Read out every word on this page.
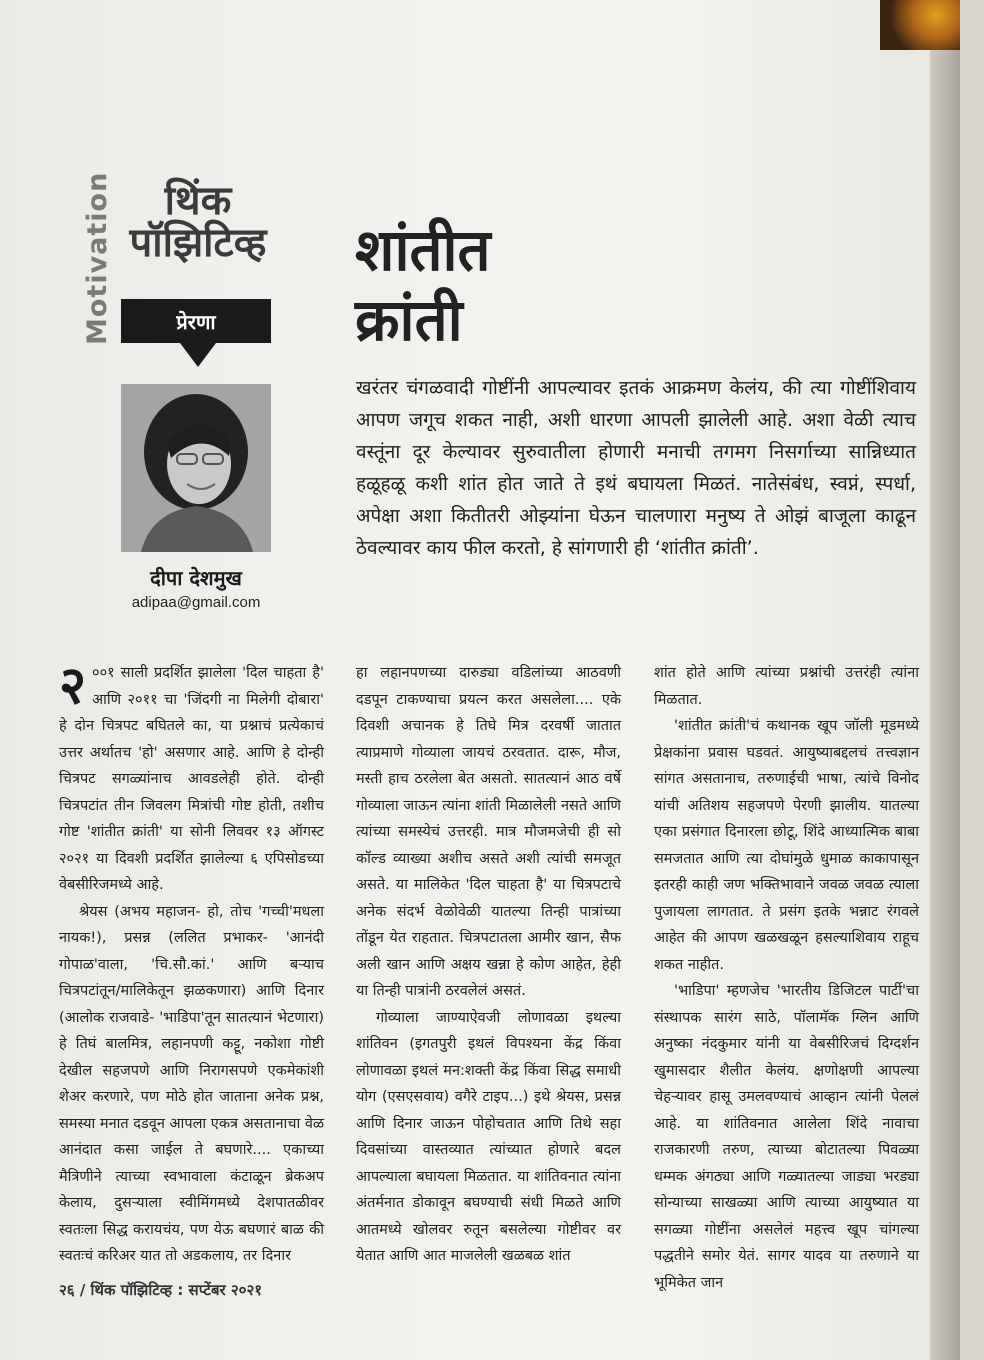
Motivation	थिंक पॉझिटिव्ह
प्रेरणा
दीपा देशमुख
adipaa@gmail.com
शांतीत
क्रांती
खरंतर चंगळवादी गोष्टींनी आपल्यावर इतकं आक्रमण केलंय, की त्या गोष्टींशिवाय आपण जगूच शकत नाही, अशी धारणा आपली झालेली आहे. अशा वेळी त्याच वस्तूंना दूर केल्यावर सुरुवातीला होणारी मनाची तगमग निसर्गाच्या सान्निध्यात हळूहळू कशी शांत होत जाते ते इथं बघायला मिळतं. नातेसंबंध, स्वप्नं, स्पर्धा, अपेक्षा अशा कितीतरी ओझ्यांना घेऊन चालणारा मनुष्य ते ओझं बाजूला काढून ठेवल्यावर काय फील करतो, हे सांगणारी ही ‘शांतीत क्रांती’.

२ ००१ साली प्रदर्शित झालेला 'दिल चाहता है' आणि २०११ चा 'जिंदगी ना मिलेगी दोबारा' हे दोन चित्रपट बघितले का, या प्रश्नाचं प्रत्येकाचं उत्तर अर्थातच 'हो' असणार आहे. आणि हे दोन्ही चित्रपट सगळ्यांनाच आवडलेही होते. दोन्ही चित्रपटांत तीन जिवलग मित्रांची गोष्ट होती, तशीच गोष्ट 'शांतीत क्रांती' या सोनी लिववर १३ ऑगस्ट २०२१ या दिवशी प्रदर्शित झालेल्या ६ एपिसोडच्या वेबसीरिजमध्ये आहे.

श्रेयस (अभय महाजन- हो, तोच 'गच्ची'मधला नायक!), प्रसन्न (ललित प्रभाकर- 'आनंदी गोपाळ'वाला, 'चि.सौ.कां.' आणि बऱ्याच चित्रपटांतून/मालिकेतून झळकणारा) आणि दिनार (आलोक राजवाडे- 'भाडिपा'तून सातत्यानं भेटणारा) हे तिघं बालमित्र, लहानपणी कट्टू, नकोशा गोष्टी देखील सहजपणे आणि निरागसपणे एकमेकांशी शेअर करणारे, पण मोठे होत जाताना अनेक प्रश्न, समस्या मनात दडवून आपला एकत्र असतानाचा वेळ आनंदात कसा जाईल ते बघणारे.... एकाच्या मैत्रिणीने त्याच्या स्वभावाला कंटाळून ब्रेकअप केलाय, दुसऱ्याला स्वीमिंगमध्ये देशपातळीवर स्वतःला सिद्ध करायचंय, पण येऊ बघणारं बाळ की स्वतःचं करिअर यात तो अडकलाय, तर दिनार

हा लहानपणच्या दारुड्या वडिलांच्या आठवणी दडपून टाकण्याचा प्रयत्न करत असलेला.... एके दिवशी अचानक हे तिघे मित्र दरवर्षी जातात त्याप्रमाणे गोव्याला जायचं ठरवतात. दारू, मौज, मस्ती हाच ठरलेला बेत असतो. सातत्यानं आठ वर्षे गोव्याला जाऊन त्यांना शांती मिळालेली नसते आणि त्यांच्या समस्येचं उत्तरही. मात्र मौजमजेची ही सो कॉल्ड व्याख्या अशीच असते अशी त्यांची समजूत असते. या मालिकेत 'दिल चाहता है' या चित्रपटाचे अनेक संदर्भ वेळोवेळी यातल्या तिन्ही पात्रांच्या तोंडून येत राहतात. चित्रपटातला आमीर खान, सैफ अली खान आणि अक्षय खन्ना हे कोण आहेत, हेही या तिन्ही पात्रांनी ठरवलेलं असतं.

गोव्याला जाण्याऐवजी लोणावळा इथल्या शांतिवन (इगतपुरी इथलं विपश्यना केंद्र किंवा लोणावळा इथलं मन:शक्ती केंद्र किंवा सिद्ध समाधी योग (एसएसवाय) वगैरे टाइप...) इथे श्रेयस, प्रसन्न आणि दिनार जाऊन पोहोचतात आणि तिथे सहा दिवसांच्या वास्तव्यात त्यांच्यात होणारे बदल आपल्याला बघायला मिळतात. या शांतिवनात त्यांना अंतर्मनात डोकावून बघण्याची संधी मिळते आणि आतमध्ये खोलवर रुतून बसलेल्या गोष्टीवर वर येतात आणि आत माजलेली खळबळ शांत

शांत होते आणि त्यांच्या प्रश्नांची उत्तरंही त्यांना मिळतात.

'शांतीत क्रांती'चं कथानक खूप जॉली मूडमध्ये प्रेक्षकांना प्रवास घडवतं. आयुष्याबद्दलचं तत्त्वज्ञान सांगत असतानाच, तरुणाईची भाषा, त्यांचे विनोद यांची अतिशय सहजपणे पेरणी झालीय. यातल्या एका प्रसंगात दिनारला छोटू, शिंदे आध्यात्मिक बाबा समजतात आणि त्या दोघांमुळे धुमाळ काकापासून इतरही काही जण भक्तिभावाने जवळ जवळ त्याला पुजायला लागतात. ते प्रसंग इतके भन्नाट रंगवले आहेत की आपण खळखळून हसल्याशिवाय राहूच शकत नाहीत.

'भाडिपा' म्हणजेच 'भारतीय डिजिटल पार्टी'चा संस्थापक सारंग साठे, पॉलामॅक ग्लिन आणि अनुष्का नंदकुमार यांनी या वेबसीरिजचं दिग्दर्शन खुमासदार शैलीत केलंय. क्षणोक्षणी आपल्या चेहऱ्यावर हासू उमलवण्याचं आव्हान त्यांनी पेललं आहे. या शांतिवनात आलेला शिंदे नावाचा राजकारणी तरुण, त्याच्या बोटातल्या पिवळ्या धम्मक अंगठ्या आणि गळ्यातल्या जाड्या भरड्या सोन्याच्या साखळ्या आणि त्याच्या आयुष्यात या सगळ्या गोष्टींना असलेलं महत्त्व खूप चांगल्या पद्धतीने समोर येतं. सागर यादव या तरुणाने या भूमिकेत जान

२६ / थिंक पॉझिटिव्ह : सप्टेंबर २०२१
